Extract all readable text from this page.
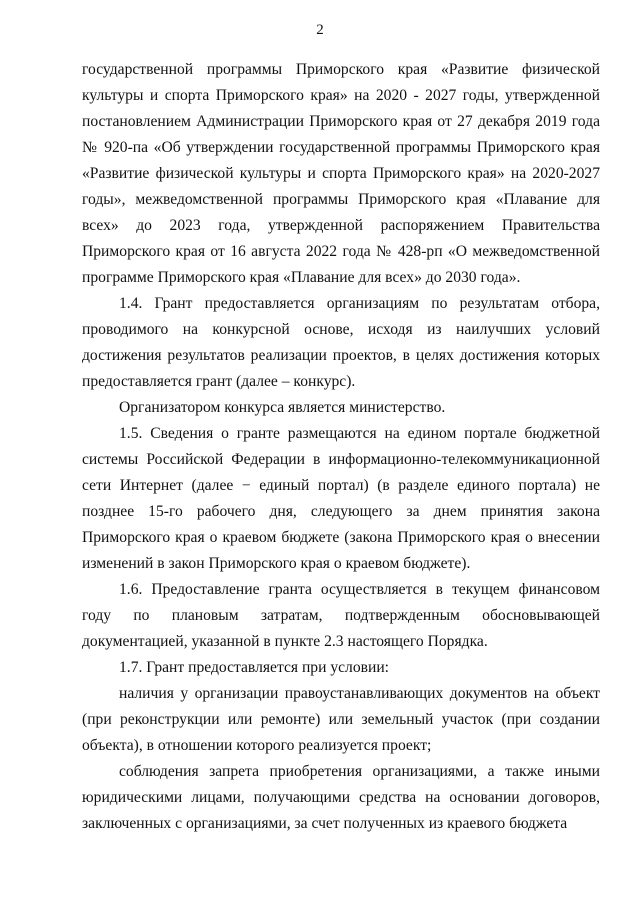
2

государственной программы Приморского края «Развитие физической культуры и спорта Приморского края» на 2020 - 2027 годы, утвержденной постановлением Администрации Приморского края от 27 декабря 2019 года № 920-па «Об утверждении государственной программы Приморского края «Развитие физической культуры и спорта Приморского края» на 2020-2027 годы», межведомственной программы Приморского края «Плавание для всех» до 2023 года, утвержденной распоряжением Правительства Приморского края от 16 августа 2022 года № 428-рп «О межведомственной программе Приморского края «Плавание для всех» до 2030 года».

1.4. Грант предоставляется организациям по результатам отбора, проводимого на конкурсной основе, исходя из наилучших условий достижения результатов реализации проектов, в целях достижения которых предоставляется грант (далее – конкурс).

Организатором конкурса является министерство.

1.5. Сведения о гранте размещаются на едином портале бюджетной системы Российской Федерации в информационно-телекоммуникационной сети Интернет (далее − единый портал) (в разделе единого портала) не позднее 15-го рабочего дня, следующего за днем принятия закона Приморского края о краевом бюджете (закона Приморского края о внесении изменений в закон Приморского края о краевом бюджете).

1.6. Предоставление гранта осуществляется в текущем финансовом году по плановым затратам, подтвержденным обосновывающей документацией, указанной в пункте 2.3 настоящего Порядка.

1.7. Грант предоставляется при условии:

наличия у организации правоустанавливающих документов на объект (при реконструкции или ремонте) или земельный участок (при создании объекта), в отношении которого реализуется проект;

соблюдения запрета приобретения организациями, а также иными юридическими лицами, получающими средства на основании договоров, заключенных с организациями, за счет полученных из краевого бюджета
